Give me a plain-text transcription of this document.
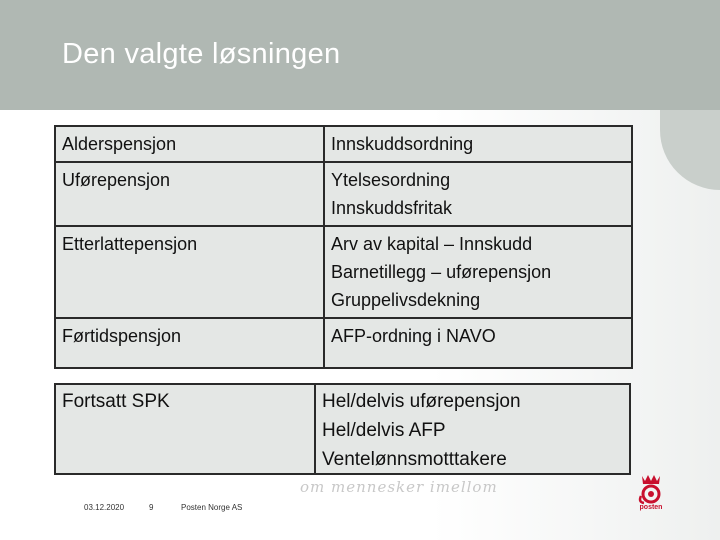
Den valgte løsningen
Alderspensjon	Innskuddsordning

Uførepensjon	Ytelsesordning
Innskuddsfritak

Etterlattepensjon	Arv av kapital – Innskudd
Barnetillegg – uførepensjon
Gruppelivsdekning

Førtidspensjon	AFP-ordning i NAVO
Fortsatt SPK	Hel/delvis uførepensjon
Hel/delvis AFP
Ventelønnsmotttakere
om mennesker imellom
03.12.2020	9	Posten Norge AS	posten
